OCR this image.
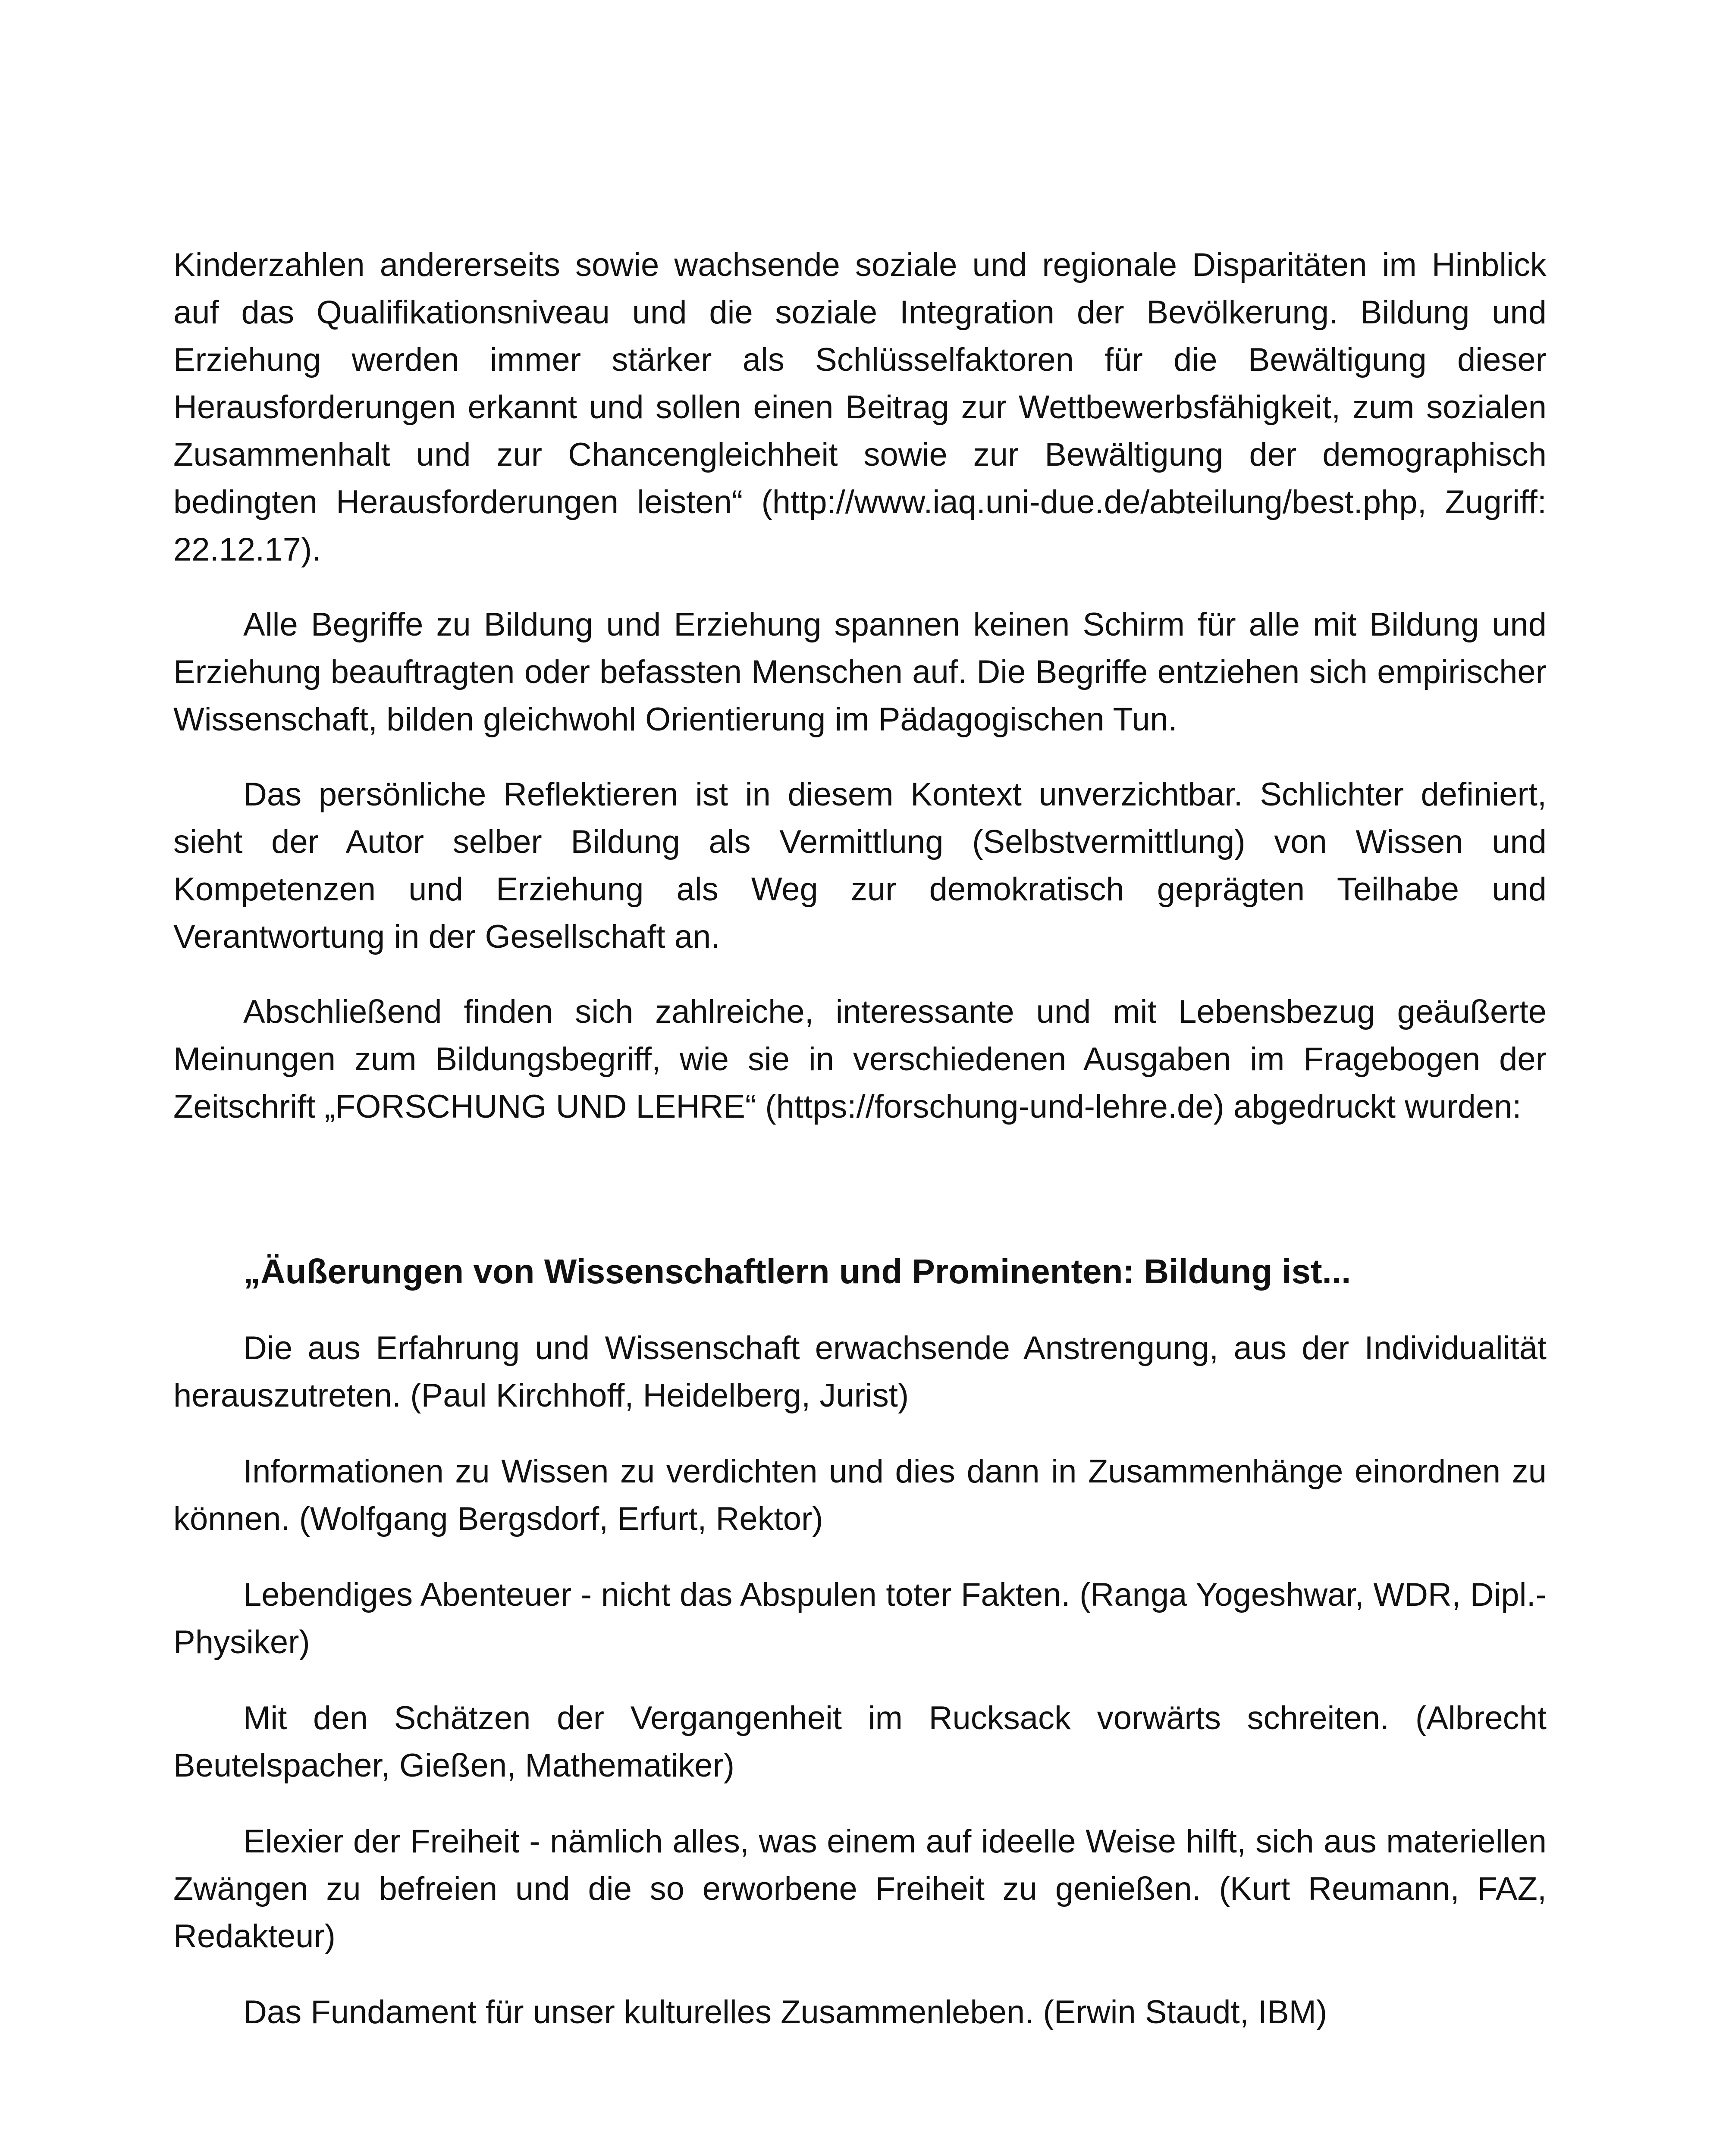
Kinderzahlen andererseits sowie wachsende soziale und regionale Disparitäten im Hinblick auf das Qualifikationsniveau und die soziale Integration der Bevölkerung. Bildung und Erziehung werden immer stärker als Schlüsselfaktoren für die Bewältigung dieser Herausforderungen erkannt und sollen einen Beitrag zur Wettbewerbsfähigkeit, zum sozialen Zusammenhalt und zur Chancengleichheit sowie zur Bewältigung der demographisch bedingten Herausforderungen leisten“ (http://www.iaq.uni-due.de/abteilung/best.php, Zugriff: 22.12.17).

Alle Begriffe zu Bildung und Erziehung spannen keinen Schirm für alle mit Bildung und Erziehung beauftragten oder befassten Menschen auf. Die Begriffe entziehen sich empirischer Wissenschaft, bilden gleichwohl Orientierung im Pädagogischen Tun.

Das persönliche Reflektieren ist in diesem Kontext unverzichtbar. Schlichter definiert, sieht der Autor selber Bildung als Vermittlung (Selbstvermittlung) von Wissen und Kompetenzen und Erziehung als Weg zur demokratisch geprägten Teilhabe und Verantwortung in der Gesellschaft an.

Abschließend finden sich zahlreiche, interessante und mit Lebensbezug geäußerte Meinungen zum Bildungsbegriff, wie sie in verschiedenen Ausgaben im Fragebogen der Zeitschrift „FORSCHUNG UND LEHRE“ (https://forschung-und-lehre.de) abgedruckt wurden:

„Äußerungen von Wissenschaftlern und Prominenten: Bildung ist...

Die aus Erfahrung und Wissenschaft erwachsende Anstrengung, aus der Individualität herauszutreten. (Paul Kirchhoff, Heidelberg, Jurist)

Informationen zu Wissen zu verdichten und dies dann in Zusammenhänge einordnen zu können. (Wolfgang Bergsdorf, Erfurt, Rektor)

Lebendiges Abenteuer - nicht das Abspulen toter Fakten. (Ranga Yogeshwar, WDR, Dipl.-Physiker)

Mit den Schätzen der Vergangenheit im Rucksack vorwärts schreiten. (Albrecht Beutelspacher, Gießen, Mathematiker)

Elexier der Freiheit - nämlich alles, was einem auf ideelle Weise hilft, sich aus materiellen Zwängen zu befreien und die so erworbene Freiheit zu genießen. (Kurt Reumann, FAZ, Redakteur)

Das Fundament für unser kulturelles Zusammenleben. (Erwin Staudt, IBM)
